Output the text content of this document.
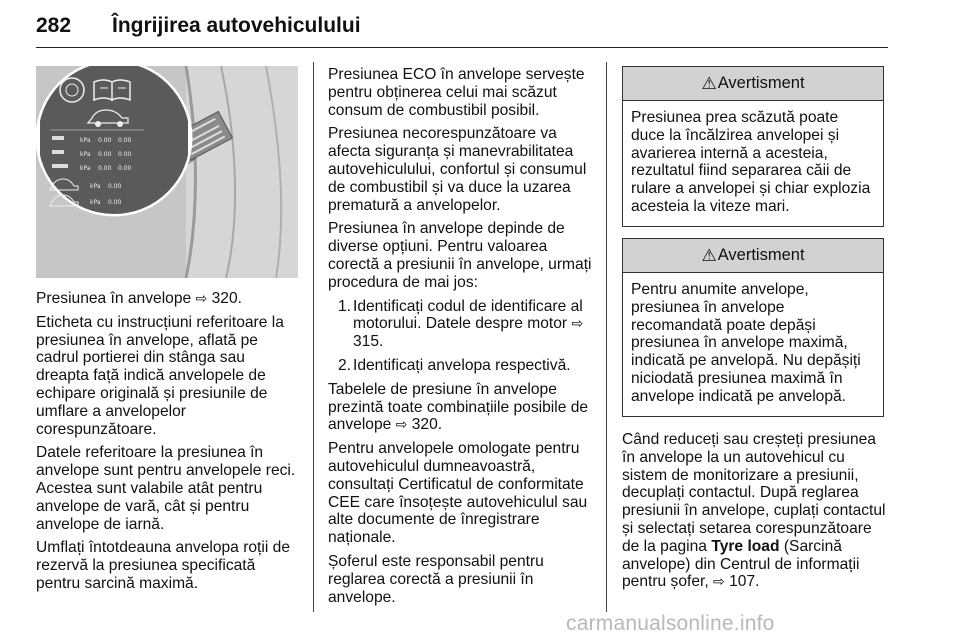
282 Îngrijirea autovehiculului
kPa 0.00 0.00
kPa 0.00 0.00
kPa 0.00 0.00
kPa 0.00
kPa 0.00

Presiunea în anvelope ⇨ 320.

Eticheta cu instrucțiuni referitoare la presiunea în anvelope, aflată pe cadrul portierei din stânga sau dreapta față indică anvelopele de echipare originală și presiunile de umflare a anvelopelor corespunzătoare.

Datele referitoare la presiunea în anvelope sunt pentru anvelopele reci. Acestea sunt valabile atât pentru anvelope de vară, cât și pentru anvelope de iarnă.

Umflați întotdeauna anvelopa roții de rezervă la presiunea specificată pentru sarcină maximă.

Presiunea ECO în anvelope servește pentru obținerea celui mai scăzut consum de combustibil posibil.

Presiunea necorespunzătoare va afecta siguranța și manevrabilitatea autovehiculului, confortul și consumul de combustibil și va duce la uzarea prematură a anvelopelor.

Presiunea în anvelope depinde de diverse opțiuni. Pentru valoarea corectă a presiunii în anvelope, urmați procedura de mai jos:

1. Identificați codul de identificare al motorului. Datele despre motor ⇨ 315.
2. Identificați anvelopa respectivă.

Tabelele de presiune în anvelope prezintă toate combinațiile posibile de anvelope ⇨ 320.

Pentru anvelopele omologate pentru autovehiculul dumneavoastră, consultați Certificatul de conformitate CEE care însoțește autovehiculul sau alte documente de înregistrare naționale.

Șoferul este responsabil pentru reglarea corectă a presiunii în anvelope.

⚠ Avertisment
Presiunea prea scăzută poate duce la încălzirea anvelopei și avarierea internă a acesteia, rezultatul fiind separarea căii de rulare a anvelopei și chiar explozia acesteia la viteze mari.
⚠ Avertisment
Pentru anumite anvelope, presiunea în anvelope recomandată poate depăși presiunea în anvelope maximă, indicată pe anvelopă. Nu depășiți niciodată presiunea maximă în anvelope indicată pe anvelopă.

Când reduceți sau creșteți presiunea în anvelope la un autovehicul cu sistem de monitorizare a presiunii, decuplați contactul. După reglarea presiunii în anvelope, cuplați contactul și selectați setarea corespunzătoare de la pagina Tyre load (Sarcină anvelope) din Centrul de informații pentru șofer, ⇨ 107.

carmanualsonline.info
